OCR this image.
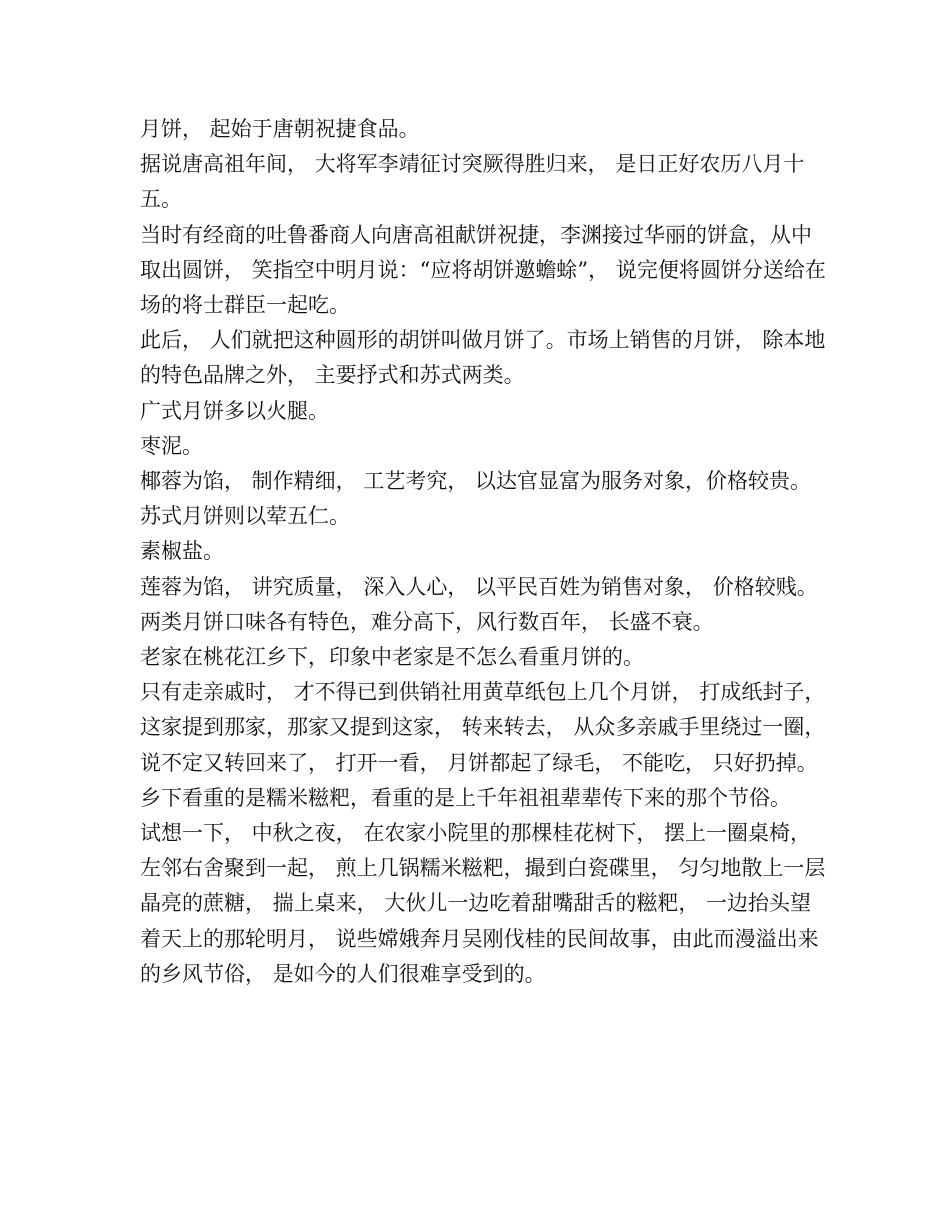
月饼， 起始于唐朝祝捷食品。

据说唐高祖年间， 大将军李靖征讨突厥得胜归来， 是日正好农历八月十五。

当时有经商的吐鲁番商人向唐高祖献饼祝捷，李渊接过华丽的饼盒，从中取出圆饼， 笑指空中明月说：“应将胡饼邀蟾蜍”， 说完便将圆饼分送给在场的将士群臣一起吃。

此后， 人们就把这种圆形的胡饼叫做月饼了。市场上销售的月饼， 除本地的特色品牌之外， 主要抒式和苏式两类。

广式月饼多以火腿。

枣泥。

椰蓉为馅， 制作精细， 工艺考究， 以达官显富为服务对象，价格较贵。

苏式月饼则以荤五仁。

素椒盐。

莲蓉为馅， 讲究质量， 深入人心， 以平民百姓为销售对象， 价格较贱。

两类月饼口味各有特色，难分高下，风行数百年， 长盛不衰。

老家在桃花江乡下，印象中老家是不怎么看重月饼的。

只有走亲戚时， 才不得已到供销社用黄草纸包上几个月饼， 打成纸封子， 这家提到那家，那家又提到这家， 转来转去， 从众多亲戚手里绕过一圈， 说不定又转回来了， 打开一看， 月饼都起了绿毛， 不能吃， 只好扔掉。

乡下看重的是糯米糍粑，看重的是上千年祖祖辈辈传下来的那个节俗。

试想一下， 中秋之夜， 在农家小院里的那棵桂花树下， 摆上一圈桌椅， 左邻右舍聚到一起， 煎上几锅糯米糍粑，撮到白瓷碟里， 匀匀地散上一层晶亮的蔗糖， 揣上桌来， 大伙儿一边吃着甜嘴甜舌的糍粑， 一边抬头望着天上的那轮明月， 说些嫦娥奔月吴刚伐桂的民间故事，由此而漫溢出来的乡风节俗， 是如今的人们很难享受到的。
